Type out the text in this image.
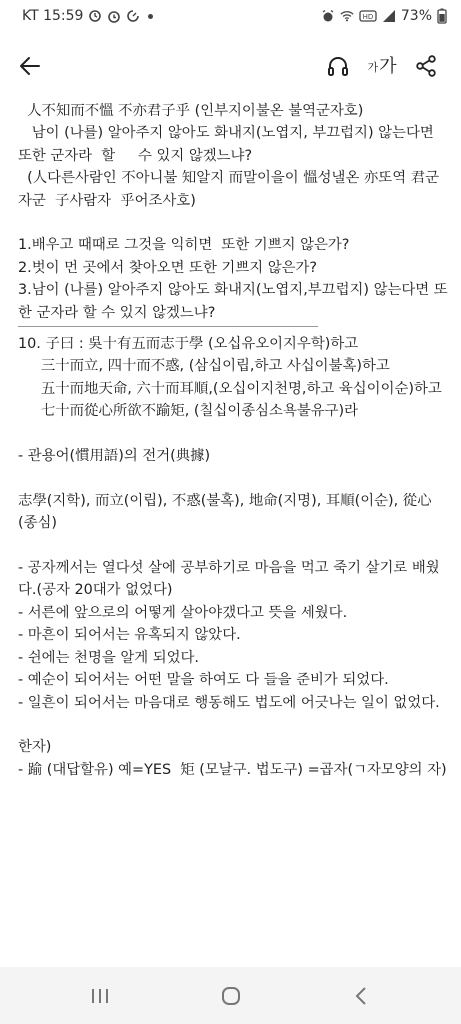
KT 15:59	HD 73%
가 가

人不知而不慍 不亦君子乎 (인부지이불온 불역군자호)

남이 (나를) 알아주지 않아도 화내지(노엽지, 부끄럽지) 않는다면 또한 군자라  할     수 있지 않겠느냐?

(人다른사람인 不아니불 知알지 而말이을이 慍성낼온 亦또역 君군자군  子사람자  乎어조사호)

1.배우고 때때로 그것을 익히면  또한 기쁘지 않은가?

2.벗이 먼 곳에서 찾아오면 또한 기쁘지 않은가?

3.남이 (나를) 알아주지 않아도 화내지(노엽지,부끄럽지) 않는다면 또한 군자라 할 수 있지 않겠느냐?

10. 子曰 : 吳十有五而志于學 (오십유오이지우학)하고

三十而立, 四十而不惑, (삼십이립,하고 사십이불혹)하고

五十而地天命, 六十而耳順,(오십이지천명,하고 육십이이순)하고

七十而從心所欲不踰矩, (칠십이종심소욕불유구)라

- 관용어(慣用語)의 전거(典據)

志學(지학), 而立(이립), 不惑(불혹), 地命(지명), 耳順(이순), 從心(종심)

- 공자께서는 열다섯 살에 공부하기로 마음을 먹고 죽기 살기로 배웠다.(공자 20대가 없었다)

- 서른에 앞으로의 어떻게 살아야갰다고 뜻을 세웠다.

- 마흔이 되어서는 유혹되지 않았다.

- 쉰에는 천명을 알게 되었다.

- 예순이 되어서는 어떤 말을 하여도 다 들을 준비가 되었다.

- 일흔이 되어서는 마음대로 행동해도 법도에 어긋나는 일이 없었다.

한자)

- 踰 (대답할유) 예=YES  矩 (모날구. 법도구) =곱자(ㄱ자모양의 자)
